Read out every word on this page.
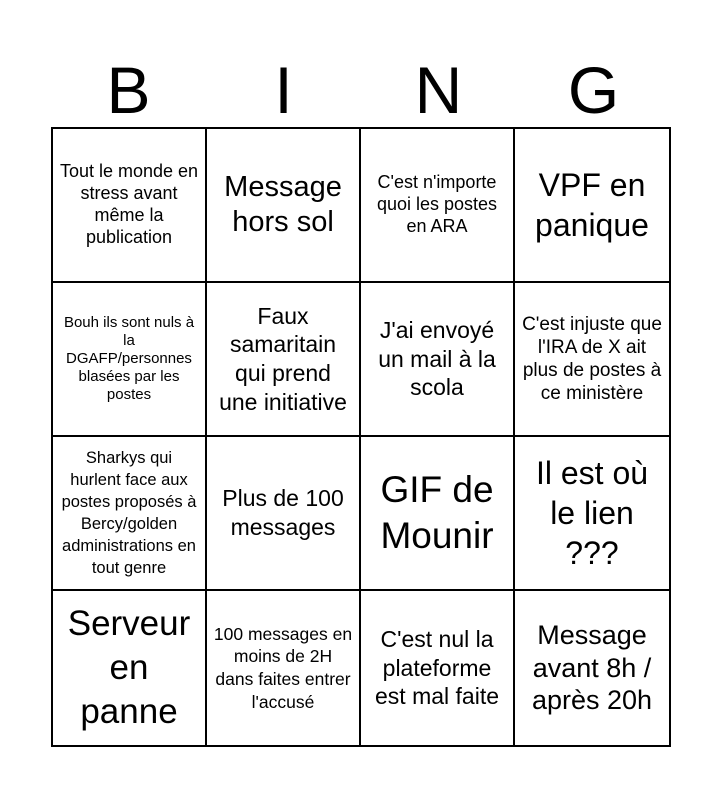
B	I	N	G
Tout le monde en stress avant même la publication
Message hors sol
C'est n'importe quoi les postes en ARA
VPF en panique
Bouh ils sont nuls à la DGAFP/personnes blasées par les postes
Faux samaritain qui prend une initiative
J'ai envoyé un mail à la scola
C'est injuste que l'IRA de X ait plus de postes à ce ministère
Sharkys qui hurlent face aux postes proposés à Bercy/golden administrations en tout genre
Plus de 100 messages
GIF de Mounir
Il est où le lien ???
Serveur en panne
100 messages en moins de 2H dans faites entrer l'accusé
C'est nul la plateforme est mal faite
Message avant 8h / après 20h
